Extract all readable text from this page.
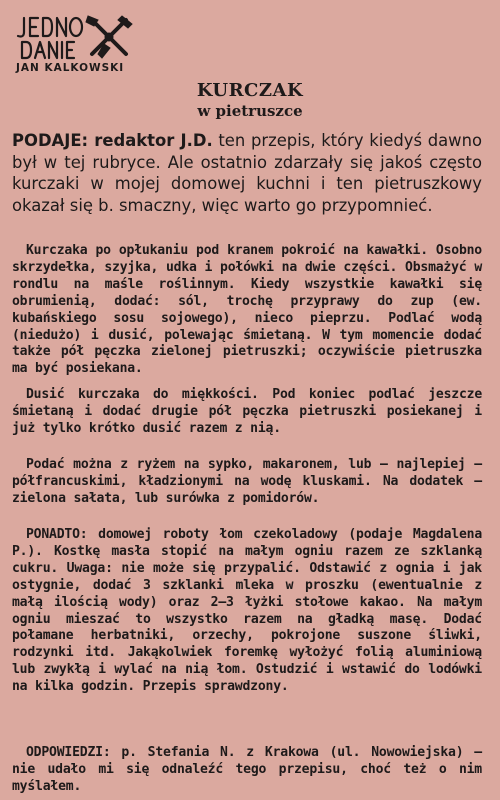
JAN KALKOWSKI
KURCZAK
w pietruszce

PODAJE: redaktor J.D. ten przepis, który kiedyś dawno był w tej rubryce. Ale ostatnio zdarzały się jakoś często kurczaki w mojej domowej kuchni i ten pietruszkowy okazał się b. smaczny, więc warto go przypomnieć.

Kurczaka po opłukaniu pod kranem pokroić na kawałki. Osobno skrzydełka, szyjka, udka i połówki na dwie części. Obsmażyć w rondlu na maśle roślinnym. Kiedy wszystkie kawałki się obrumienią, dodać: sól, trochę przyprawy do zup (ew. kubańskiego sosu sojowego), nieco pieprzu. Podlać wodą (niedużo) i dusić, polewając śmietaną. W tym momencie dodać także pół pęczka zielonej pietruszki; oczywiście pietruszka ma być posiekana.

Dusić kurczaka do miękkości. Pod koniec podlać jeszcze śmietaną i dodać drugie pół pęczka pietruszki posiekanej i już tylko krótko dusić razem z nią.

Podać można z ryżem na sypko, makaronem, lub — najlepiej — półfrancuskimi, kładzionymi na wodę kluskami. Na dodatek — zielona sałata, lub surówka z pomidorów.

PONADTO: domowej roboty łom czekoladowy (podaje Magdalena P.). Kostkę masła stopić na małym ogniu razem ze szklanką cukru. Uwaga: nie może się przypalić. Odstawić z ognia i jak ostygnie, dodać 3 szklanki mleka w proszku (ewentualnie z małą ilością wody) oraz 2—3 łyżki stołowe kakao. Na małym ogniu mieszać to wszystko razem na gładką masę. Dodać połamane herbatniki, orzechy, pokrojone suszone śliwki, rodzynki itd. Jakąkolwiek foremkę wyłożyć folią aluminiową lub zwykłą i wylać na nią łom. Ostudzić i wstawić do lodówki na kilka godzin. Przepis sprawdzony.

ODPOWIEDZI: p. Stefania N. z Krakowa (ul. Nowowiejska) — nie udało mi się odnaleźć tego przepisu, choć też o nim myślałem.
